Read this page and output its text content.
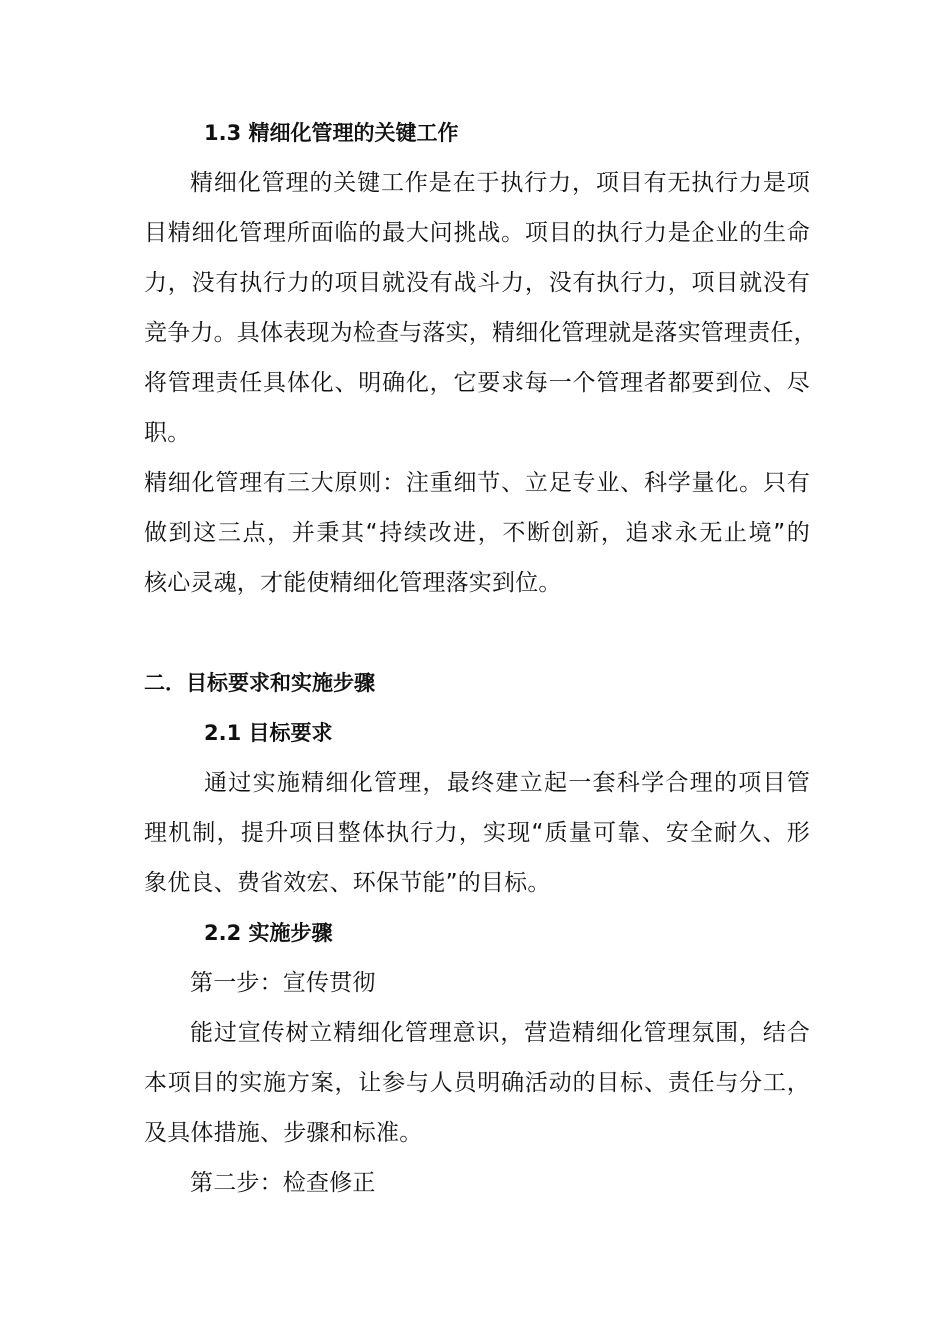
1.3 精细化管理的关键工作
精细化管理的关键工作是在于执行力，项目有无执行力是项
目精细化管理所面临的最大问挑战。项目的执行力是企业的生命
力，没有执行力的项目就没有战斗力，没有执行力，项目就没有
竞争力。具体表现为检查与落实，精细化管理就是落实管理责任，
将管理责任具体化、明确化，它要求每一个管理者都要到位、尽
职。
精细化管理有三大原则：注重细节、立足专业、科学量化。只有
做到这三点，并秉其“持续改进，不断创新，追求永无止境”的
核心灵魂，才能使精细化管理落实到位。
二．目标要求和实施步骤
2.1 目标要求
通过实施精细化管理，最终建立起一套科学合理的项目管
理机制，提升项目整体执行力，实现“质量可靠、安全耐久、形
象优良、费省效宏、环保节能”的目标。
2.2 实施步骤
第一步：宣传贯彻
能过宣传树立精细化管理意识，营造精细化管理氛围，结合
本项目的实施方案，让参与人员明确活动的目标、责任与分工，
及具体措施、步骤和标准。
第二步：检查修正
